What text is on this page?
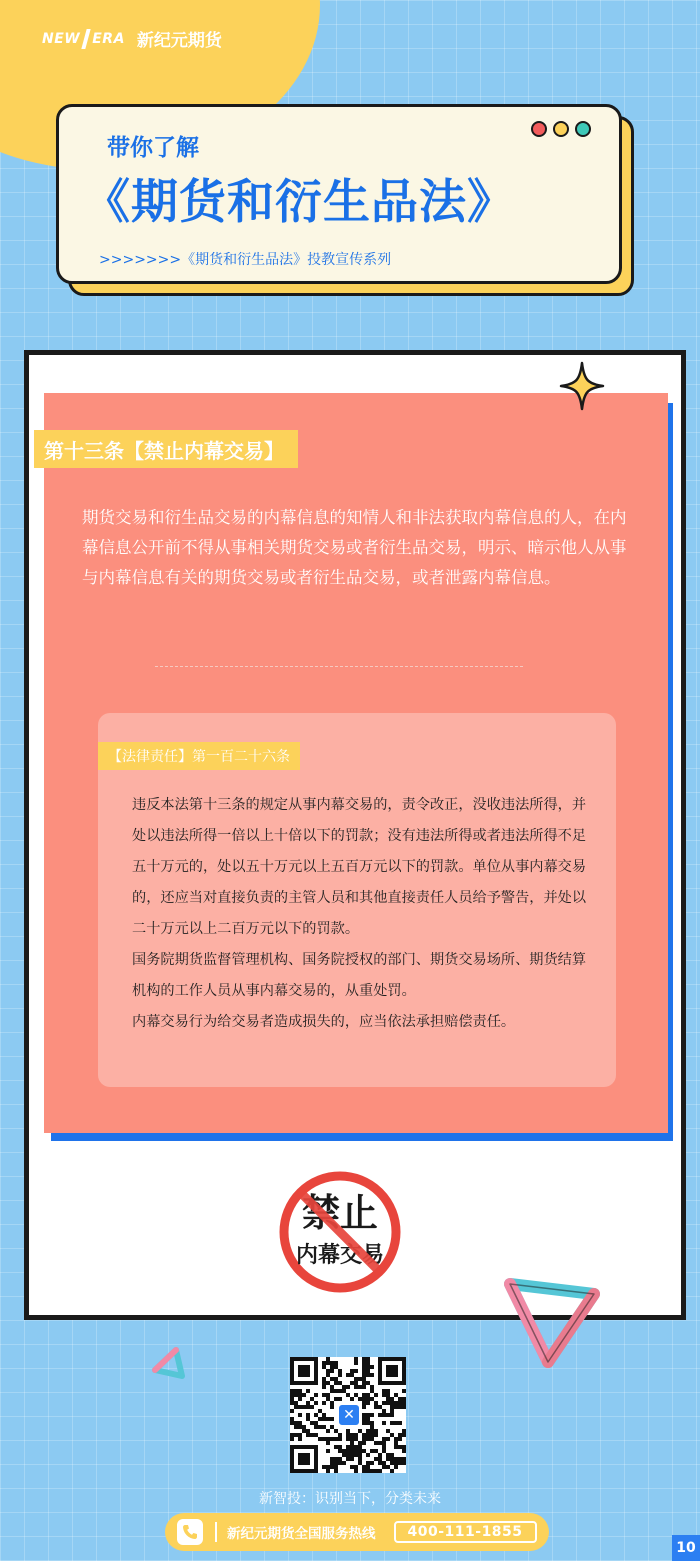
NEW ERA 新纪元期货
带你了解
《期货和衍生品法》
>>>>>>>《期货和衍生品法》投教宣传系列
第十三条【禁止内幕交易】
期货交易和衍生品交易的内幕信息的知情人和非法获取内幕信息的人，在内幕信息公开前不得从事相关期货交易或者衍生品交易，明示、暗示他人从事与内幕信息有关的期货交易或者衍生品交易，或者泄露内幕信息。
【法律责任】第一百二十六条

违反本法第十三条的规定从事内幕交易的，责令改正，没收违法所得，并处以违法所得一倍以上十倍以下的罚款；没有违法所得或者违法所得不足五十万元的，处以五十万元以上五百万元以下的罚款。单位从事内幕交易的，还应当对直接负责的主管人员和其他直接责任人员给予警告，并处以二十万元以上二百万元以下的罚款。

国务院期货监督管理机构、国务院授权的部门、期货交易场所、期货结算机构的工作人员从事内幕交易的，从重处罚。

内幕交易行为给交易者造成损失的，应当依法承担赔偿责任。

禁止
内幕交易
✕
新智投：识别当下，分类未来
新纪元期货全国服务热线	400-111-1855
10
